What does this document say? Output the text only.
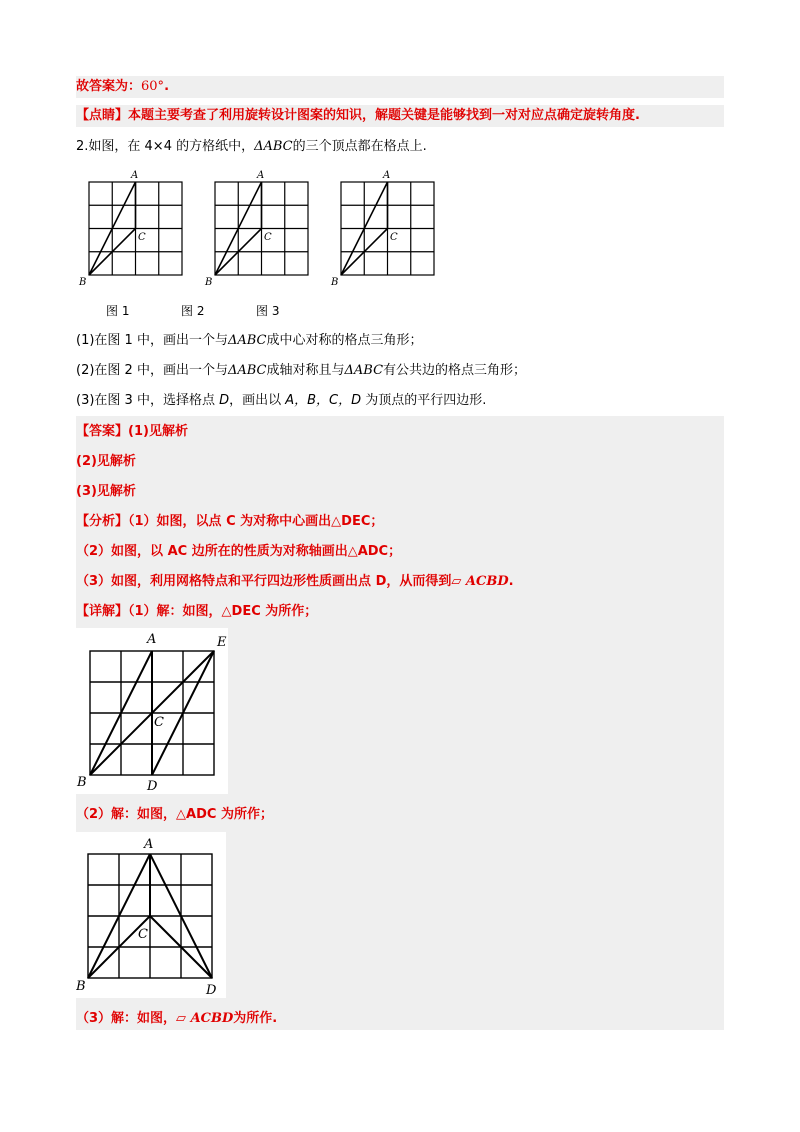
故答案为：60°.
【点睛】本题主要考查了利用旋转设计图案的知识，解题关键是能够找到一对对应点确定旋转角度.
2.如图，在 4×4 的方格纸中，ΔABC的三个顶点都在格点上.
A
B
C
A
B
C
A
B
C
图 1	图 2	图 3
(1)在图 1 中，画出一个与ΔABC成中心对称的格点三角形；
(2)在图 2 中，画出一个与ΔABC成轴对称且与ΔABC有公共边的格点三角形；
(3)在图 3 中，选择格点 D，画出以 A，B，C，D 为顶点的平行四边形.
【答案】(1)见解析
(2)见解析
(3)见解析
【分析】（1）如图，以点 C 为对称中心画出△DEC；
（2）如图，以 AC 边所在的性质为对称轴画出△ADC；
（3）如图，利用网格特点和平行四边形性质画出点 D，从而得到▱ ACBD.
【详解】（1）解：如图，△DEC 为所作；
A	E
C
B	D
（2）解：如图，△ADC 为所作；
A
C
B	D
（3）解：如图，▱ ACBD为所作.
